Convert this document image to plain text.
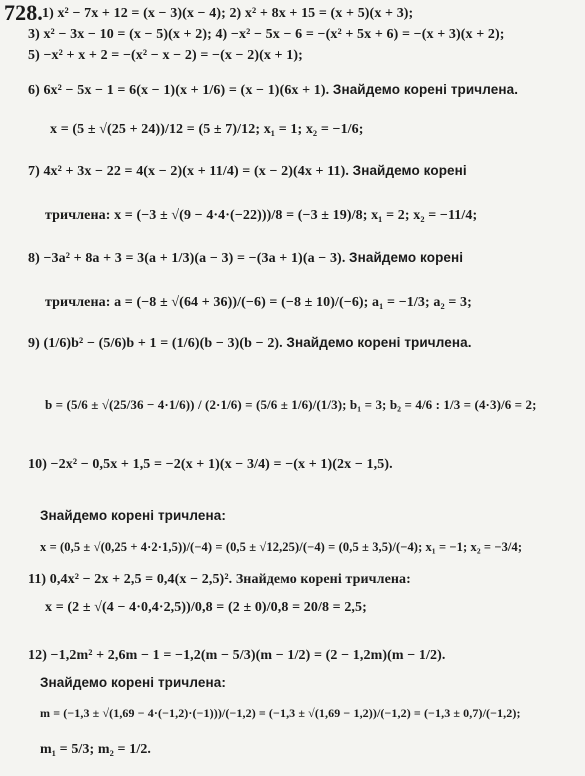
728. 1) x² − 7x + 12 = (x − 3)(x − 4); 2) x² + 8x + 15 = (x + 5)(x + 3);
3) x² − 3x − 10 = (x − 5)(x + 2); 4) −x² − 5x − 6 = −(x² + 5x + 6) = −(x + 3)(x + 2);
5) −x² + x + 2 = −(x² − x − 2) = −(x − 2)(x + 1);
6) 6x² − 5x − 1 = 6(x − 1)(x + 1/6) = (x − 1)(6x + 1). Знайдемо корені тричлена.
x = (5 ± √(25 + 24))/12 = (5 ± 7)/12; x₁ = 1; x₂ = −1/6;
7) 4x² + 3x − 22 = 4(x − 2)(x + 11/4) = (x − 2)(4x + 11). Знайдемо корені
тричлена: x = (−3 ± √(9 − 4·4·(−22)))/8 = (−3 ± 19)/8; x₁ = 2; x₂ = −11/4;
8) −3a² + 8a + 3 = 3(a + 1/3)(a − 3) = −(3a + 1)(a − 3). Знайдемо корені
тричлена: a = (−8 ± √(64 + 36))/(−6) = (−8 ± 10)/(−6); a₁ = −1/3; a₂ = 3;
9) (1/6)b² − (5/6)b + 1 = (1/6)(b − 3)(b − 2). Знайдемо корені тричлена.
b = (5/6 ± √(25/36 − 4·1/6)) / (2·1/6) = (5/6 ± 1/6)/(1/3); b₁ = 3; b₂ = 4/6 : 1/3 = (4·3)/6 = 2;
10) −2x² − 0,5x + 1,5 = −2(x + 1)(x − 3/4) = −(x + 1)(2x − 1,5).
Знайдемо корені тричлена:
x = (0,5 ± √(0,25 + 4·2·1,5))/(−4) = (0,5 ± √12,25)/(−4) = (0,5 ± 3,5)/(−4); x₁ = −1; x₂ = −3/4;
11) 0,4x² − 2x + 2,5 = 0,4(x − 2,5)². Знайдемо корені тричлена:
x = (2 ± √(4 − 4·0,4·2,5))/0,8 = (2 ± 0)/0,8 = 20/8 = 2,5;
12) −1,2m² + 2,6m − 1 = −1,2(m − 5/3)(m − 1/2) = (2 − 1,2m)(m − 1/2).
Знайдемо корені тричлена:
m = (−1,3 ± √(1,69 − 4·(−1,2)·(−1)))/(−1,2) = (−1,3 ± √(1,69 − 1,2))/(−1,2) = (−1,3 ± 0,7)/(−1,2);
m₁ = 5/3; m₂ = 1/2.
